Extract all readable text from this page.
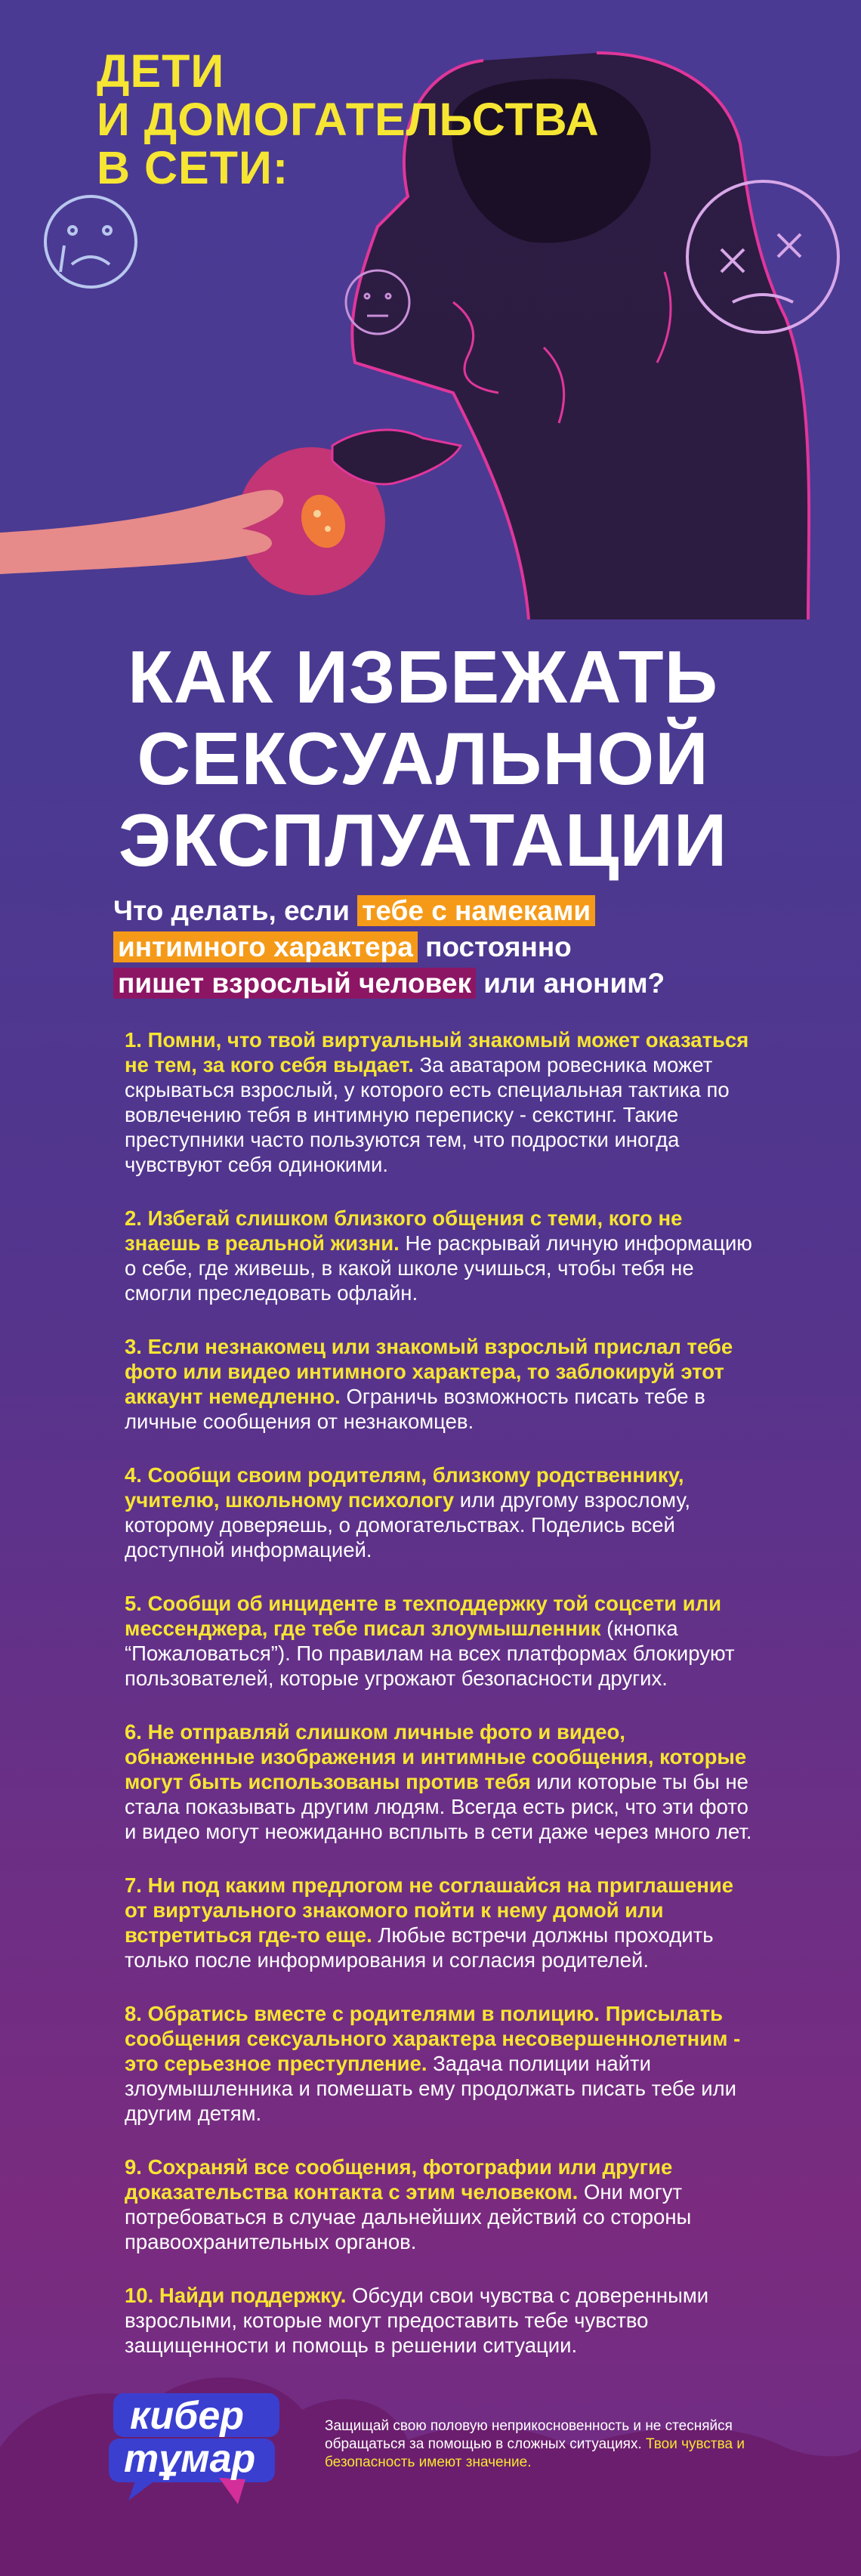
ДЕТИ
И ДОМОГАТЕЛЬСТВА
В СЕТИ:
КАК ИЗБЕЖАТЬ
СЕКСУАЛЬНОЙ
ЭКСПЛУАТАЦИИ
Что делать, если тебе с намеками
интимного характера постоянно
пишет взрослый человек или аноним?

1. Помни, что твой виртуальный знакомый может оказаться не тем, за кого себя выдает. За аватаром ровесника может скрываться взрослый, у которого есть специальная тактика по вовлечению тебя в интимную переписку - секстинг. Такие преступники часто пользуются тем, что подростки иногда чувствуют себя одинокими.

2. Избегай слишком близкого общения с теми, кого не знаешь в реальной жизни. Не раскрывай личную информацию о себе, где живешь, в какой школе учишься, чтобы тебя не смогли преследовать офлайн.

3. Если незнакомец или знакомый взрослый прислал тебе фото или видео интимного характера, то заблокируй этот аккаунт немедленно. Ограничь возможность писать тебе в личные сообщения от незнакомцев.

4. Сообщи своим родителям, близкому родственнику, учителю, школьному психологу или другому взрослому, которому доверяешь, о домогательствах. Поделись всей доступной информацией.

5. Сообщи об инциденте в техподдержку той соцсети или мессенджера, где тебе писал злоумышленник (кнопка “Пожаловаться”). По правилам на всех платформах блокируют пользователей, которые угрожают безопасности других.

6. Не отправляй слишком личные фото и видео, обнаженные изображения и интимные сообщения, которые могут быть использованы против тебя или которые ты бы не стала показывать другим людям. Всегда есть риск, что эти фото и видео могут неожиданно всплыть в сети даже через много лет.

7. Ни под каким предлогом не соглашайся на приглашение от виртуального знакомого пойти к нему домой или встретиться где-то еще. Любые встречи должны проходить только после информирования и согласия родителей.

8. Обратись вместе с родителями в полицию. Присылать сообщения сексуального характера несовершеннолетним - это серьезное преступление. Задача полиции найти злоумышленника и помешать ему продолжать писать тебе или другим детям.

9. Сохраняй все сообщения, фотографии или другие доказательства контакта с этим человеком. Они могут потребоваться в случае дальнейших действий со стороны правоохранительных органов.

10. Найди поддержку. Обсуди свои чувства с доверенными взрослыми, которые могут предоставить тебе чувство защищенности и помощь в решении ситуации.

кибер
тұмар
Защищай свою половую неприкосновенность и не стесняйся обращаться за помощью в сложных ситуациях. Твои чувства и безопасность имеют значение.
